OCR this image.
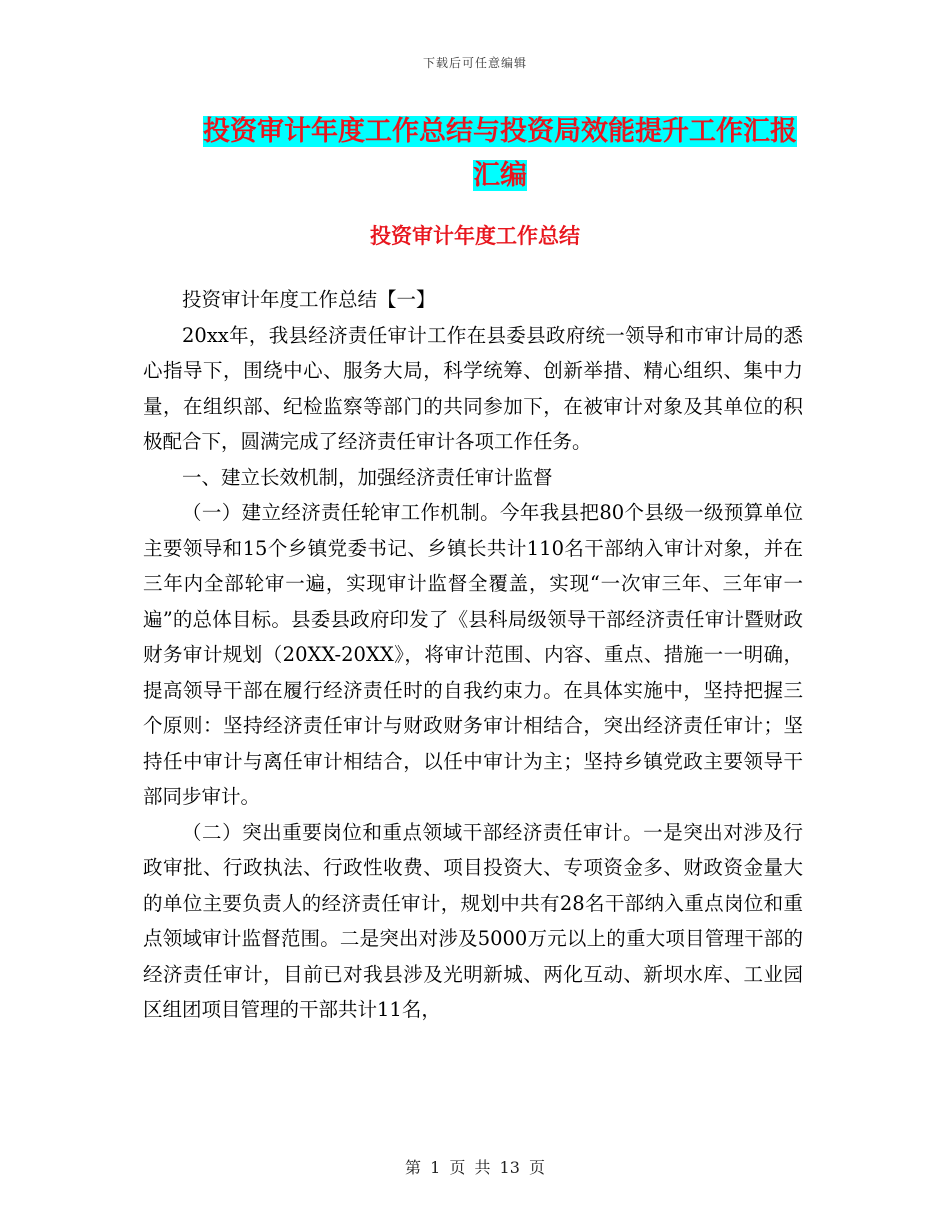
下载后可任意编辑
投资审计年度工作总结与投资局效能提升工作汇报汇编
投资审计年度工作总结

投资审计年度工作总结【一】

20xx年，我县经济责任审计工作在县委县政府统一领导和市审计局的悉心指导下，围绕中心、服务大局，科学统筹、创新举措、精心组织、集中力量，在组织部、纪检监察等部门的共同参加下，在被审计对象及其单位的积极配合下，圆满完成了经济责任审计各项工作任务。

一、建立长效机制，加强经济责任审计监督

（一）建立经济责任轮审工作机制。今年我县把80个县级一级预算单位主要领导和15个乡镇党委书记、乡镇长共计110名干部纳入审计对象，并在三年内全部轮审一遍，实现审计监督全覆盖，实现“一次审三年、三年审一遍”的总体目标。县委县政府印发了《县科局级领导干部经济责任审计暨财政财务审计规划（20XX-20XX》，将审计范围、内容、重点、措施一一明确，提高领导干部在履行经济责任时的自我约束力。在具体实施中，坚持把握三个原则：坚持经济责任审计与财政财务审计相结合，突出经济责任审计；坚持任中审计与离任审计相结合，以任中审计为主；坚持乡镇党政主要领导干部同步审计。

（二）突出重要岗位和重点领域干部经济责任审计。一是突出对涉及行政审批、行政执法、行政性收费、项目投资大、专项资金多、财政资金量大的单位主要负责人的经济责任审计，规划中共有28名干部纳入重点岗位和重点领域审计监督范围。二是突出对涉及5000万元以上的重大项目管理干部的经济责任审计，目前已对我县涉及光明新城、两化互动、新坝水库、工业园区组团项目管理的干部共计11名，

第 1 页 共 13 页
